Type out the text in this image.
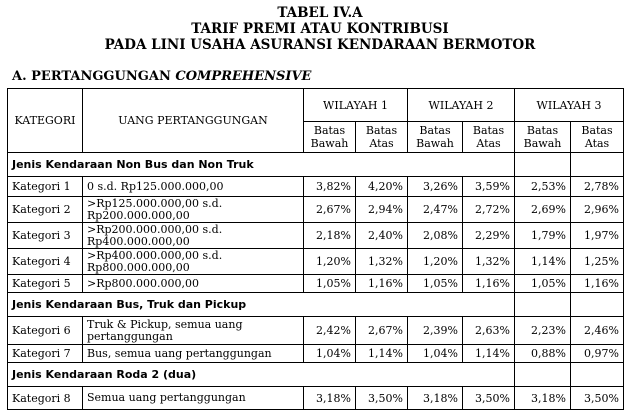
TABEL IV.A
TARIF PREMI ATAU KONTRIBUSI
PADA LINI USAHA ASURANSI KENDARAAN BERMOTOR
A. PERTANGGUNGAN COMPREHENSIVE
KATEGORI	UANG PERTANGGUNGAN	WILAYAH 1		WILAYAH 2		WILAYAH 3	
		Batas Bawah	Batas Atas	Batas Bawah	Batas Atas	Batas Bawah	Batas Atas
Jenis Kendaraan Non Bus dan Non Truk							
Kategori 1	0 s.d. Rp125.000.000,00	3,82%	4,20%	3,26%	3,59%	2,53%	2,78%
Kategori 2	>Rp125.000.000,00 s.d. Rp200.000.000,00	2,67%	2,94%	2,47%	2,72%	2,69%	2,96%
Kategori 3	>Rp200.000.000,00 s.d. Rp400.000.000,00	2,18%	2,40%	2,08%	2,29%	1,79%	1,97%
Kategori 4	>Rp400.000.000,00 s.d. Rp800.000.000,00	1,20%	1,32%	1,20%	1,32%	1,14%	1,25%
Kategori 5	>Rp800.000.000,00	1,05%	1,16%	1,05%	1,16%	1,05%	1,16%
Jenis Kendaraan Bus, Truk dan Pickup							
Kategori 6	Truk & Pickup, semua uang pertanggungan	2,42%	2,67%	2,39%	2,63%	2,23%	2,46%
Kategori 7	Bus, semua uang pertanggungan	1,04%	1,14%	1,04%	1,14%	0,88%	0,97%
Jenis Kendaraan Roda 2 (dua)							
Kategori 8	Semua uang pertanggungan	3,18%	3,50%	3,18%	3,50%	3,18%	3,50%
